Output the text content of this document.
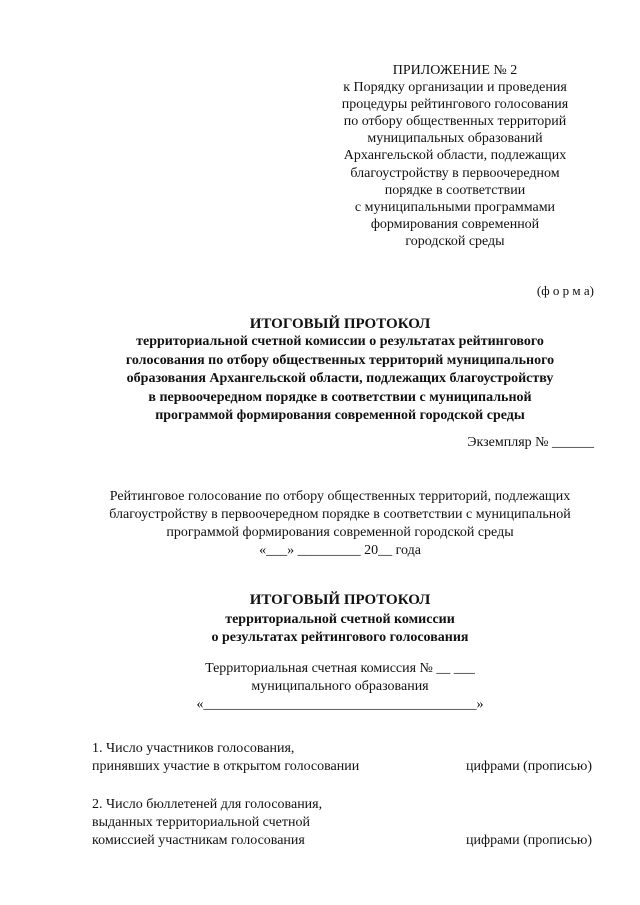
ПРИЛОЖЕНИЕ № 2
к Порядку организации и проведения
процедуры рейтингового голосования
по отбору общественных территорий
муниципальных образований
Архангельской области, подлежащих
благоустройству в первоочередном
порядке в соответствии
с муниципальными программами
формирования современной
городской среды
(ф о р м а)
ИТОГОВЫЙ ПРОТОКОЛ
территориальной счетной комиссии о результатах рейтингового
голосования по отбору общественных территорий муниципального
образования Архангельской области, подлежащих благоустройству
в первоочередном порядке в соответствии с муниципальной
программой формирования современной городской среды
Экземпляр № ______
Рейтинговое голосование по отбору общественных территорий, подлежащих
благоустройству в первоочередном порядке в соответствии с муниципальной
программой формирования современной городской среды
«___» _________ 20__ года
ИТОГОВЫЙ ПРОТОКОЛ
территориальной счетной комиссии
о результатах рейтингового голосования
Территориальная счетная комиссия № __ ___
муниципального образования
«_______________________________________»
1. Число участников голосования,
принявших участие в открытом голосовании	цифрами (прописью)
2. Число бюллетеней для голосования,
выданных территориальной счетной
комиссией участникам голосования	цифрами (прописью)
